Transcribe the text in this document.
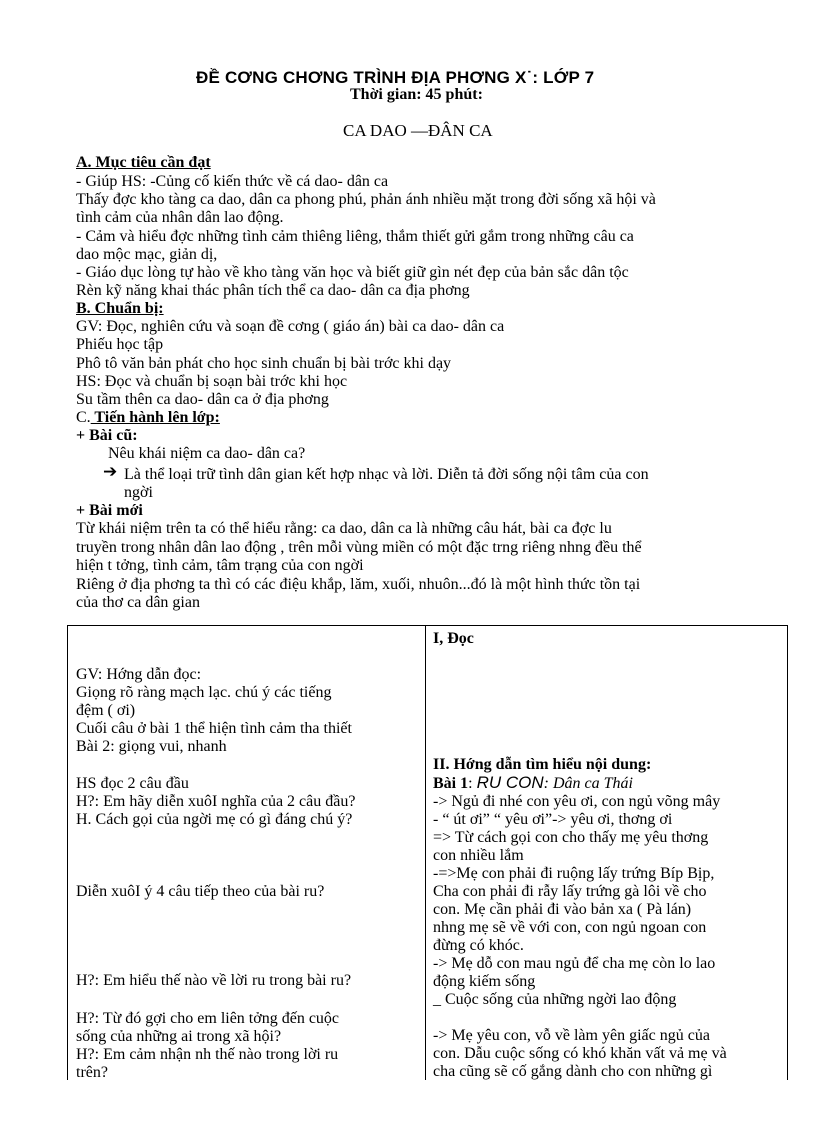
ĐỀ CƠNG CHƠNG TRÌNH ĐỊA PHƠNG X˙: LỚP 7
Thời gian: 45 phút:
CA DAO —ĐÂN CA
A. Mục tiêu cần đạt
- Giúp HS: -Củng cố kiến thức về cá dao- dân ca
Thấy đợc kho tàng ca dao, dân ca phong phú, phản ánh nhiều mặt trong đời sống xã hội và
tình cảm của nhân dân lao động.
- Cảm và hiểu đợc những tình cảm thiêng liêng, thắm thiết gửi gắm trong những câu ca
dao mộc mạc, giản dị,
- Giáo dục lòng tự hào về kho tàng văn học và biết giữ gìn nét đẹp của bản sắc dân tộc
Rèn kỹ năng khai thác phân tích thể ca dao- dân ca địa phơng
B. Chuẩn bị:
GV: Đọc, nghiên cứu và soạn đề cơng ( giáo án) bài ca dao- dân ca
Phiếu học tập
Phô tô văn bản phát cho học sinh chuẩn bị bài trớc khi dạy
HS: Đọc và chuẩn bị soạn bài trớc khi học
Su tầm thên ca dao- dân ca ở địa phơng
C. Tiến hành lên lớp:
+ Bài cũ:
Nêu khái niệm ca dao- dân ca?
➔ Là thể loại trữ tình dân gian kết hợp nhạc và lời. Diễn tả đời sống nội tâm của con
ngời
+ Bài mới
Từ khái niệm trên ta có thể hiểu rằng: ca dao, dân ca là những câu hát, bài ca đợc lu
truyền trong nhân dân lao động , trên mỗi vùng miền có một đặc trng riêng nhng đều thể
hiện t tởng, tình cảm, tâm trạng của con ngời
Riêng ở địa phơng ta thì có các điệu khắp, lăm, xuối, nhuôn...đó là một hình thức tồn tại
của thơ ca dân gian
GV: Hớng dẫn đọc:
Giọng rõ ràng mạch lạc. chú ý các tiếng
đệm ( ơi)
Cuối câu ở bài 1 thể hiện tình cảm tha thiết
Bài 2: giọng vui, nhanh
HS đọc 2 câu đầu
H?: Em hãy diễn xuôI nghĩa của 2 câu đầu?
H. Cách gọi của ngời mẹ có gì đáng chú ý?
Diễn xuôI ý 4 câu tiếp theo của bài ru?
H?: Em hiểu thế nào về lời ru trong bài ru?
H?: Từ đó gợi cho em liên tởng đến cuộc
sống của những ai trong xã hội?
H?: Em cảm nhận nh thế nào trong lời ru
trên?
I, Đọc
II. Hớng dẫn tìm hiểu nội dung:
Bài 1: RU CON: Dân ca Thái
-> Ngủ đi nhé con yêu ơi, con ngủ võng mây
- “ út ơi” “ yêu ơi”-> yêu ơi, thơng ơi
=> Từ cách gọi con cho thấy mẹ yêu thơng
con nhiều lắm
-=>Mẹ con phải đi ruộng lấy trứng Bíp Bịp,
Cha con phải đi rẫy lấy trứng gà lôi về cho
con. Mẹ cần phải đi vào bản xa ( Pà lán)
nhng mẹ sẽ về với con, con ngủ ngoan con
đừng có khóc.
-> Mẹ dỗ con mau ngủ để cha mẹ còn lo lao
động kiếm sống
_ Cuộc sống của những ngời lao động
-> Mẹ yêu con, vỗ về làm yên giấc ngủ của
con. Dẫu cuộc sống có khó khăn vất vả mẹ và
cha cũng sẽ cố gắng dành cho con những gì
